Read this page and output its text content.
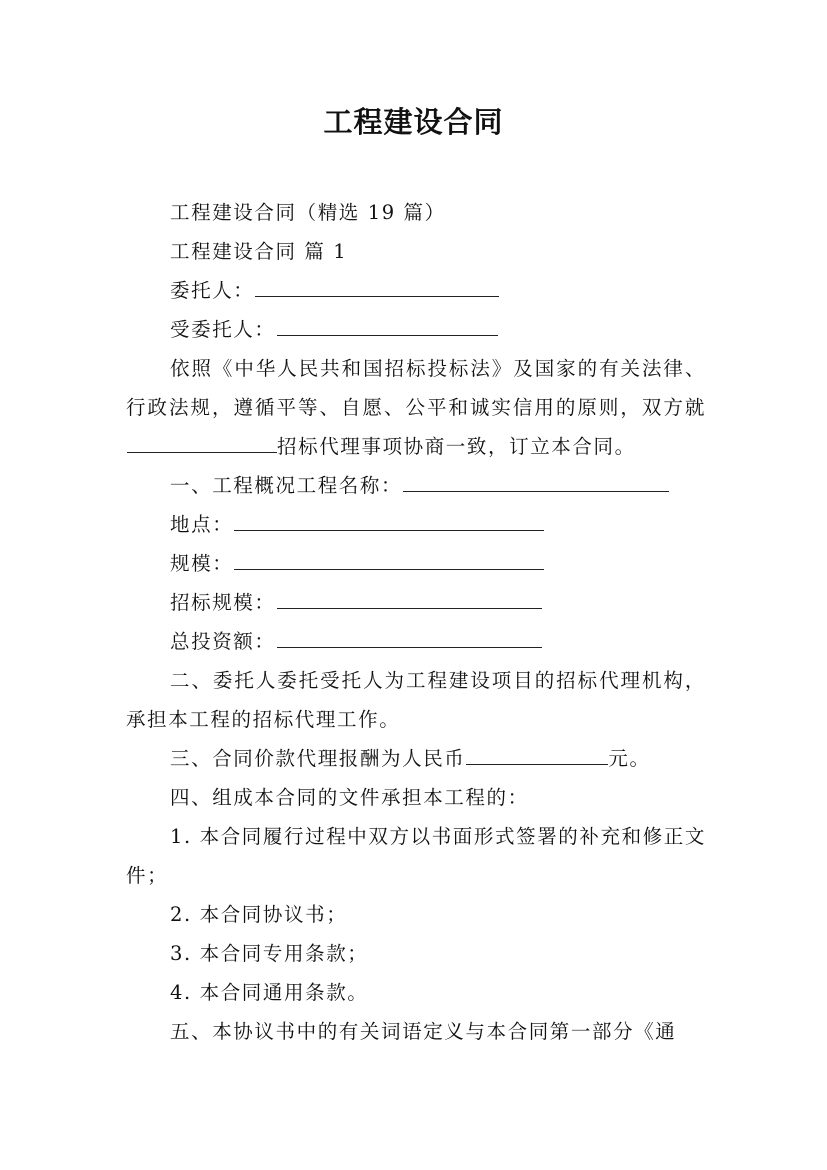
工程建设合同

工程建设合同（精选 19 篇）

工程建设合同 篇 1

委托人：

受委托人：

依照《中华人民共和国招标投标法》及国家的有关法律、行政法规，遵循平等、自愿、公平和诚实信用的原则，双方就招标代理事项协商一致，订立本合同。

一、工程概况工程名称：

地点：

规模：

招标规模：

总投资额：

二、委托人委托受托人为工程建设项目的招标代理机构，承担本工程的招标代理工作。

三、合同价款代理报酬为人民币	元。

四、组成本合同的文件承担本工程的：

1. 本合同履行过程中双方以书面形式签署的补充和修正文件；

2. 本合同协议书；

3. 本合同专用条款；

4. 本合同通用条款。

五、本协议书中的有关词语定义与本合同第一部分《通
